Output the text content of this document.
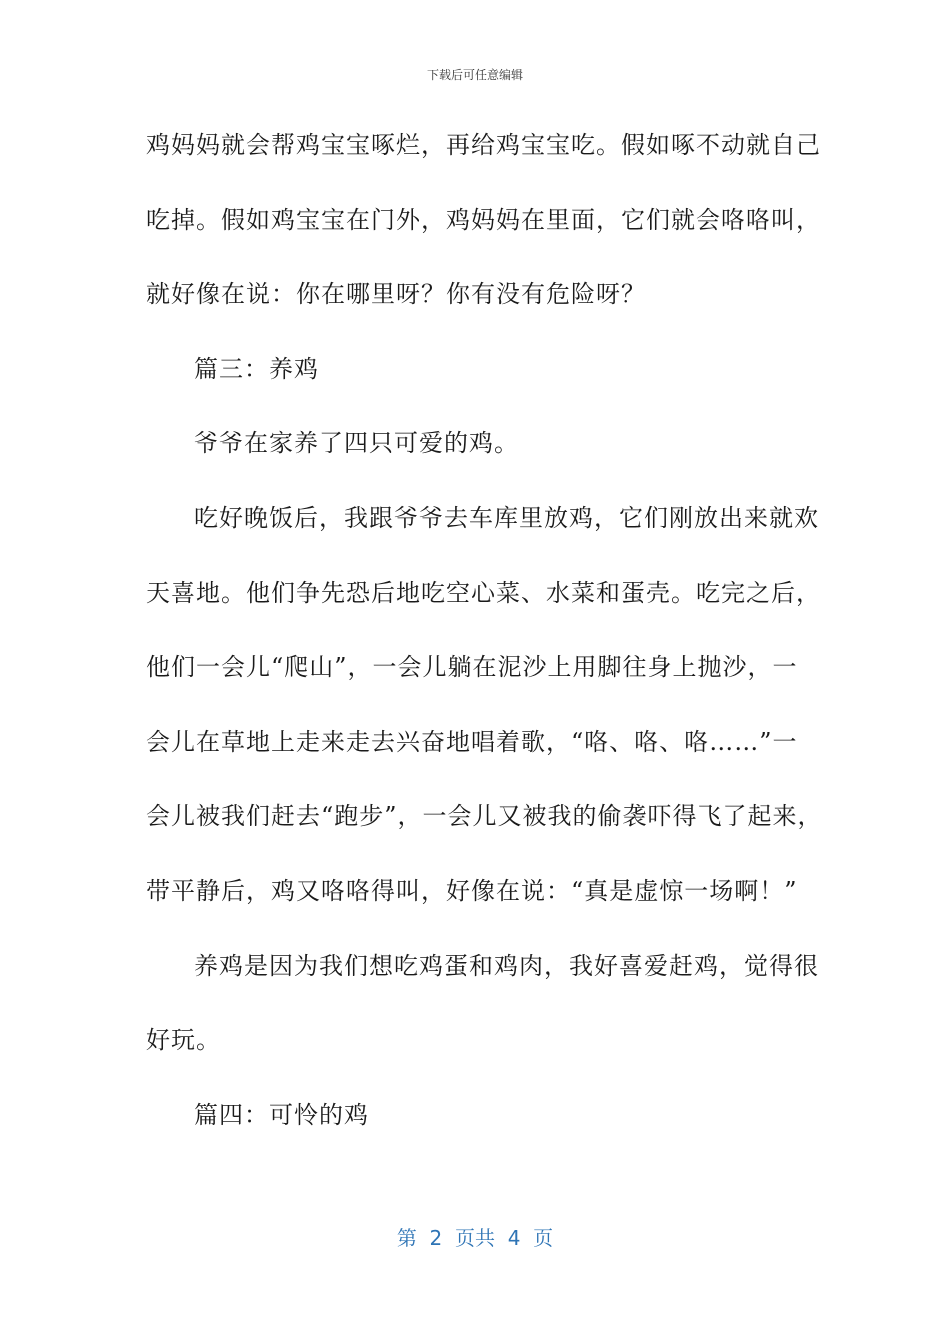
下载后可任意编辑
鸡妈妈就会帮鸡宝宝啄烂，再给鸡宝宝吃。假如啄不动就自己
吃掉。假如鸡宝宝在门外，鸡妈妈在里面，它们就会咯咯叫，
就好像在说：你在哪里呀？你有没有危险呀？
篇三：养鸡
爷爷在家养了四只可爱的鸡。
吃好晚饭后，我跟爷爷去车库里放鸡，它们刚放出来就欢
天喜地。他们争先恐后地吃空心菜、水菜和蛋壳。吃完之后，
他们一会儿“爬山”，一会儿躺在泥沙上用脚往身上抛沙，一
会儿在草地上走来走去兴奋地唱着歌，“咯、咯、咯……”一
会儿被我们赶去“跑步”，一会儿又被我的偷袭吓得飞了起来，
带平静后，鸡又咯咯得叫，好像在说：“真是虚惊一场啊！”
养鸡是因为我们想吃鸡蛋和鸡肉，我好喜爱赶鸡，觉得很
好玩。
篇四：可怜的鸡
第  2  页共  4  页
